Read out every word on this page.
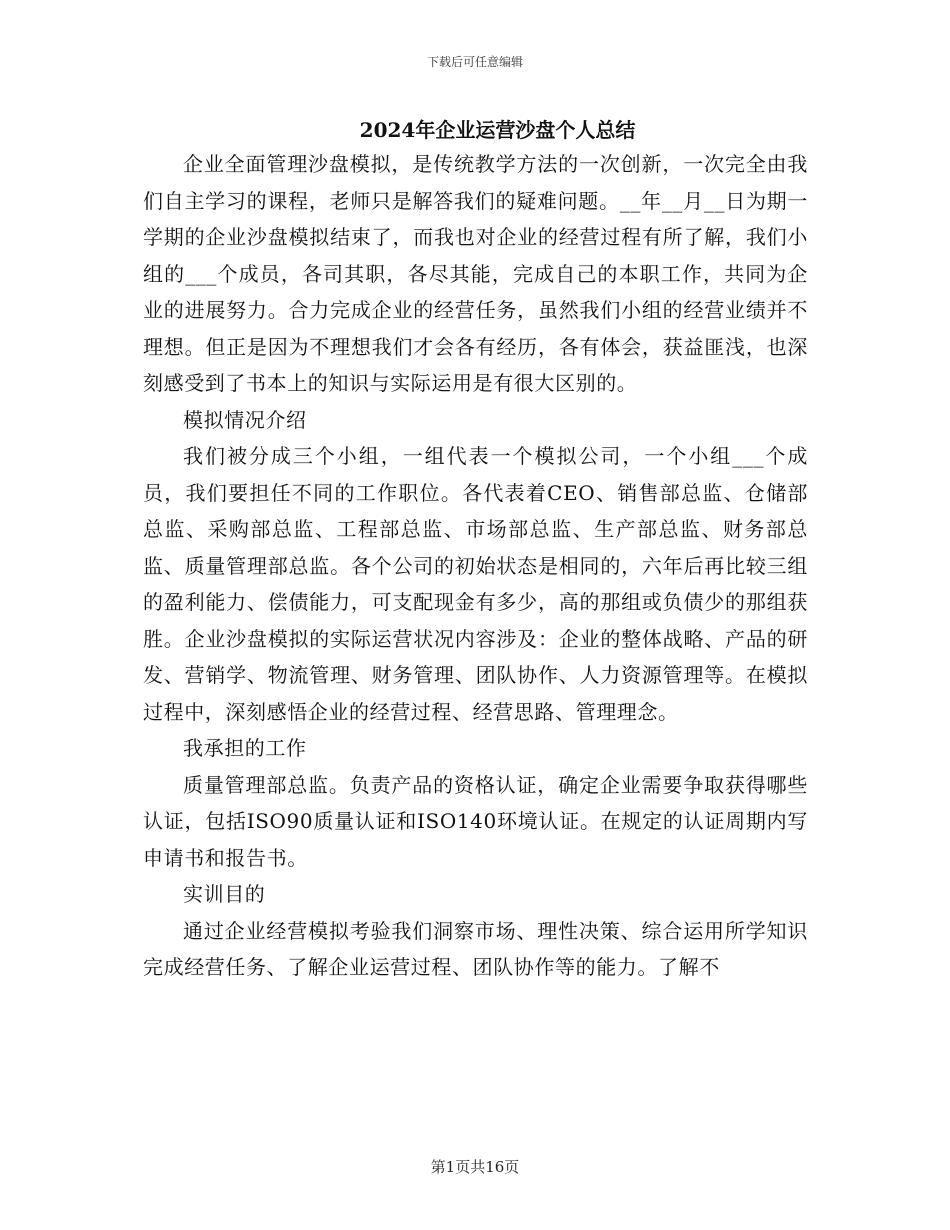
下载后可任意编辑
2024年企业运营沙盘个人总结

企业全面管理沙盘模拟，是传统教学方法的一次创新，一次完全由我们自主学习的课程，老师只是解答我们的疑难问题。__年__月__日为期一学期的企业沙盘模拟结束了，而我也对企业的经营过程有所了解，我们小组的___个成员，各司其职，各尽其能，完成自己的本职工作，共同为企业的进展努力。合力完成企业的经营任务，虽然我们小组的经营业绩并不理想。但正是因为不理想我们才会各有经历，各有体会，获益匪浅，也深刻感受到了书本上的知识与实际运用是有很大区别的。

模拟情况介绍

我们被分成三个小组，一组代表一个模拟公司，一个小组___个成员，我们要担任不同的工作职位。各代表着CEO、销售部总监、仓储部总监、采购部总监、工程部总监、市场部总监、生产部总监、财务部总监、质量管理部总监。各个公司的初始状态是相同的，六年后再比较三组的盈利能力、偿债能力，可支配现金有多少，高的那组或负债少的那组获胜。企业沙盘模拟的实际运营状况内容涉及：企业的整体战略、产品的研发、营销学、物流管理、财务管理、团队协作、人力资源管理等。在模拟过程中，深刻感悟企业的经营过程、经营思路、管理理念。

我承担的工作

质量管理部总监。负责产品的资格认证，确定企业需要争取获得哪些认证，包括ISO90质量认证和ISO140环境认证。在规定的认证周期内写申请书和报告书。

实训目的

通过企业经营模拟考验我们洞察市场、理性决策、综合运用所学知识完成经营任务、了解企业运营过程、团队协作等的能力。了解不

第1页共16页
